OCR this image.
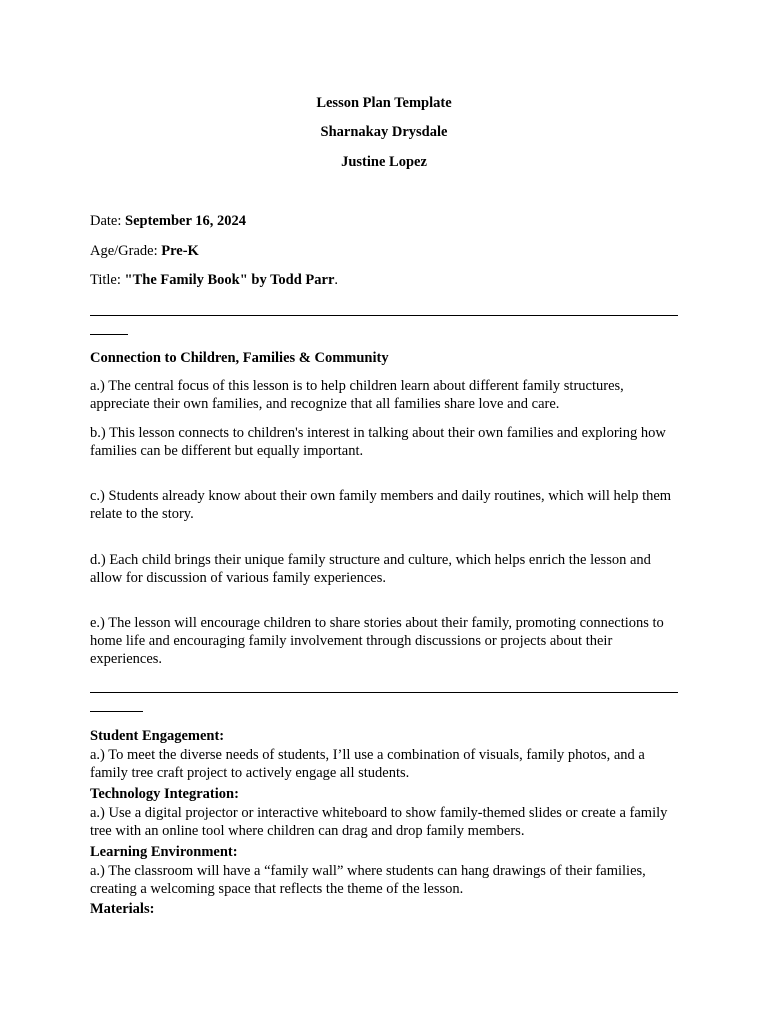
Lesson Plan Template
Sharnakay Drysdale
Justine Lopez
Date: September 16, 2024
Age/Grade: Pre-K
Title: "The Family Book" by Todd Parr.
Connection to Children, Families & Community
a.) The central focus of this lesson is to help children learn about different family structures, appreciate their own families, and recognize that all families share love and care.
b.) This lesson connects to children's interest in talking about their own families and exploring how families can be different but equally important.
c.) Students already know about their own family members and daily routines, which will help them relate to the story.
d.) Each child brings their unique family structure and culture, which helps enrich the lesson and allow for discussion of various family experiences.
e.) The lesson will encourage children to share stories about their family, promoting connections to home life and encouraging family involvement through discussions or projects about their experiences.
Student Engagement:
a.) To meet the diverse needs of students, I’ll use a combination of visuals, family photos, and a family tree craft project to actively engage all students.
Technology Integration:
a.) Use a digital projector or interactive whiteboard to show family-themed slides or create a family tree with an online tool where children can drag and drop family members.
Learning Environment:
a.) The classroom will have a “family wall” where students can hang drawings of their families, creating a welcoming space that reflects the theme of the lesson.
Materials:
